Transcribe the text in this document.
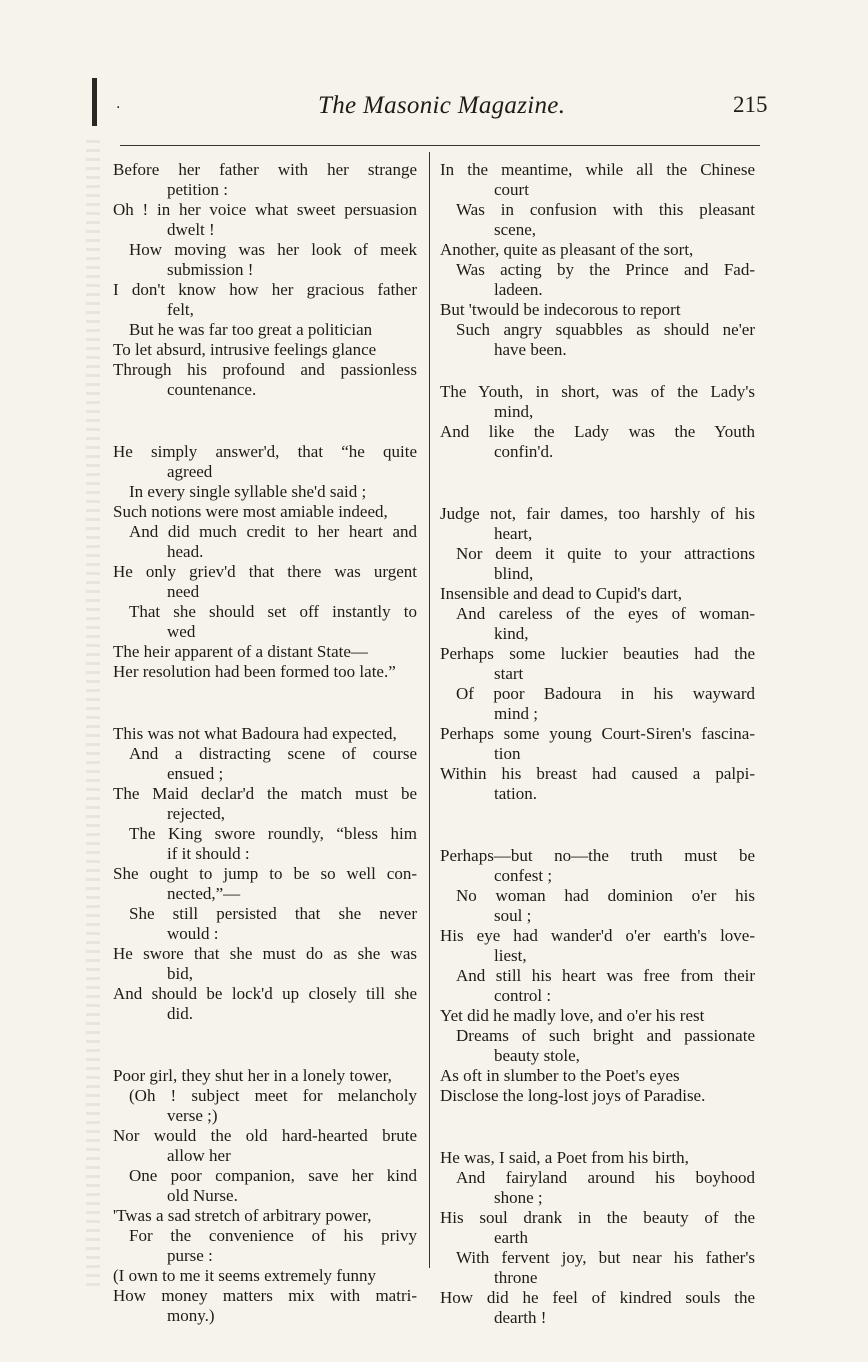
·	The Masonic Magazine.	215
Before her father with her strange
petition :
Oh ! in her voice what sweet persuasion
dwelt !
How moving was her look of meek
submission !
I don't know how her gracious father
felt,
But he was far too great a politician
To let absurd, intrusive feelings glance
Through his profound and passionless
countenance.
He simply answer'd, that “he quite
agreed
In every single syllable she'd said ;
Such notions were most amiable indeed,
And did much credit to her heart and
head.
He only griev'd that there was urgent
need
That she should set off instantly to
wed
The heir apparent of a distant State—
Her resolution had been formed too late.”
This was not what Badoura had expected,
And a distracting scene of course
ensued ;
The Maid declar'd the match must be
rejected,
The King swore roundly, “bless him
if it should :
She ought to jump to be so well con-
nected,”—
She still persisted that she never
would :
He swore that she must do as she was
bid,
And should be lock'd up closely till she
did.
Poor girl, they shut her in a lonely tower,
(Oh ! subject meet for melancholy
verse ;)
Nor would the old hard-hearted brute
allow her
One poor companion, save her kind
old Nurse.
'Twas a sad stretch of arbitrary power,
For the convenience of his privy
purse :
(I own to me it seems extremely funny
How money matters mix with matri-
mony.)
In the meantime, while all the Chinese
court
Was in confusion with this pleasant
scene,
Another, quite as pleasant of the sort,
Was acting by the Prince and Fad-
ladeen.
But 'twould be indecorous to report
Such angry squabbles as should ne'er
have been.
The Youth, in short, was of the Lady's
mind,
And like the Lady was the Youth
confin'd.
Judge not, fair dames, too harshly of his
heart,
Nor deem it quite to your attractions
blind,
Insensible and dead to Cupid's dart,
And careless of the eyes of woman-
kind,
Perhaps some luckier beauties had the
start
Of poor Badoura in his wayward
mind ;
Perhaps some young Court-Siren's fascina-
tion
Within his breast had caused a palpi-
tation.
Perhaps—but no—the truth must be
confest ;
No woman had dominion o'er his
soul ;
His eye had wander'd o'er earth's love-
liest,
And still his heart was free from their
control :
Yet did he madly love, and o'er his rest
Dreams of such bright and passionate
beauty stole,
As oft in slumber to the Poet's eyes
Disclose the long-lost joys of Paradise.
He was, I said, a Poet from his birth,
And fairyland around his boyhood
shone ;
His soul drank in the beauty of the
earth
With fervent joy, but near his father's
throne
How did he feel of kindred souls the
dearth !
